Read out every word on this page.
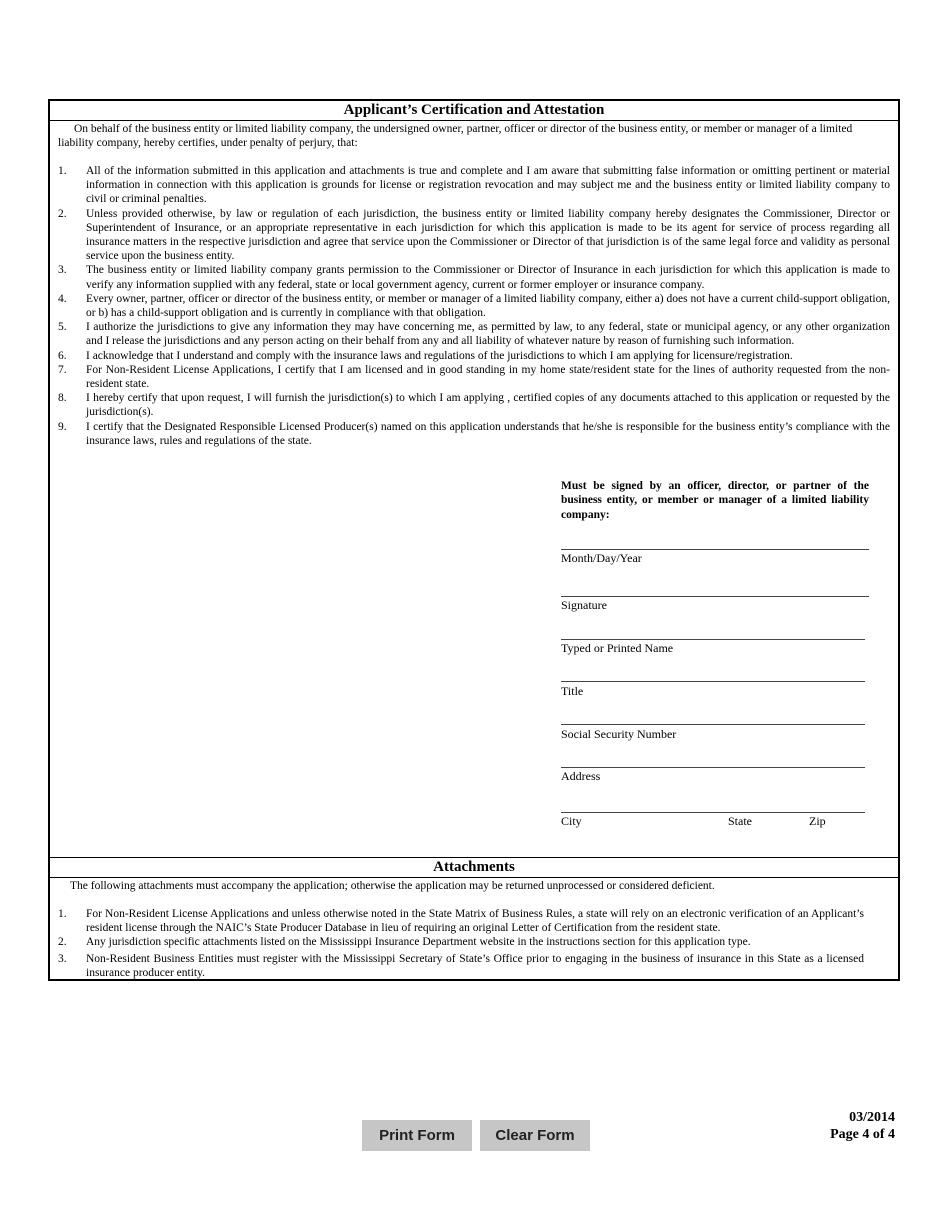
Applicant’s Certification and Attestation
On behalf of the business entity or limited liability company, the undersigned owner, partner, officer or director of the business entity, or member or manager of a limited liability company, hereby certifies, under penalty of perjury, that:
1. All of the information submitted in this application and attachments is true and complete and I am aware that submitting false information or omitting pertinent or material information in connection with this application is grounds for license or registration revocation and may subject me and the business entity or limited liability company to civil or criminal penalties.
2. Unless provided otherwise, by law or regulation of each jurisdiction, the business entity or limited liability company hereby designates the Commissioner, Director or Superintendent of Insurance, or an appropriate representative in each jurisdiction for which this application is made to be its agent for service of process regarding all insurance matters in the respective jurisdiction and agree that service upon the Commissioner or Director of that jurisdiction is of the same legal force and validity as personal service upon the business entity.
3. The business entity or limited liability company grants permission to the Commissioner or Director of Insurance in each jurisdiction for which this application is made to verify any information supplied with any federal, state or local government agency, current or former employer or insurance company.
4. Every owner, partner, officer or director of the business entity, or member or manager of a limited liability company, either a) does not have a current child-support obligation, or b) has a child-support obligation and is currently in compliance with that obligation.
5. I authorize the jurisdictions to give any information they may have concerning me, as permitted by law, to any federal, state or municipal agency, or any other organization and I release the jurisdictions and any person acting on their behalf from any and all liability of whatever nature by reason of furnishing such information.
6. I acknowledge that I understand and comply with the insurance laws and regulations of the jurisdictions to which I am applying for licensure/registration.
7. For Non-Resident License Applications, I certify that I am licensed and in good standing in my home state/resident state for the lines of authority requested from the non-resident state.
8. I hereby certify that upon request, I will furnish the jurisdiction(s) to which I am applying , certified copies of any documents attached to this application or requested by the jurisdiction(s).
9. I certify that the Designated Responsible Licensed Producer(s) named on this application understands that he/she is responsible for the business entity’s compliance with the insurance laws, rules and regulations of the state.
Must be signed by an officer, director, or partner of the business entity, or member or manager of a limited liability company:
Month/Day/Year
Signature
Typed or Printed Name
Title
Social Security Number
Address
City	State	Zip
Attachments
The following attachments must accompany the application; otherwise the application may be returned unprocessed or considered deficient.
1. For Non-Resident License Applications and unless otherwise noted in the State Matrix of Business Rules, a state will rely on an electronic verification of an Applicant’s resident license through the NAIC’s State Producer Database in lieu of requiring an original Letter of Certification from the resident state.
2. Any jurisdiction specific attachments listed on the Mississippi Insurance Department website in the instructions section for this application type.
3. Non-Resident Business Entities must register with the Mississippi Secretary of State’s Office prior to engaging in the business of insurance in this State as a licensed insurance producer entity.
Print Form	Clear Form
03/2014
Page 4 of 4
